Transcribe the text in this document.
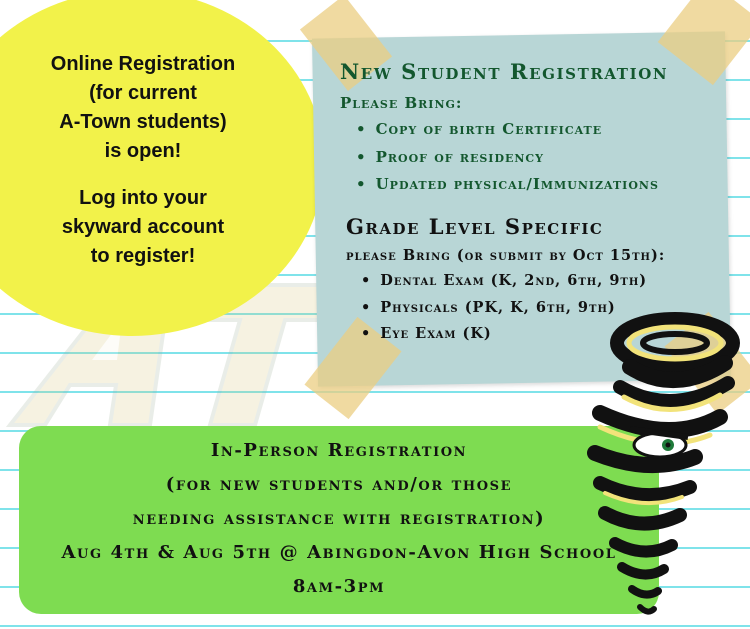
Online Registration

(for current

A-Town students)

is open!

Log into your

skyward account

to register!

New Student Registration
Please Bring:
• Copy of birth Certificate
• Proof of residency
• Updated physical/Immunizations
Grade Level Specific
please Bring (or submit by Oct 15th):
• Dental Exam (K, 2nd, 6th, 9th)
• Physicals (PK, K, 6th, 9th)
• Eye Exam (K)

In-Person Registration

(for new students and/or those

needing assistance with registration)

Aug 4th & Aug 5th @ Abingdon-Avon High School

8am-3pm
